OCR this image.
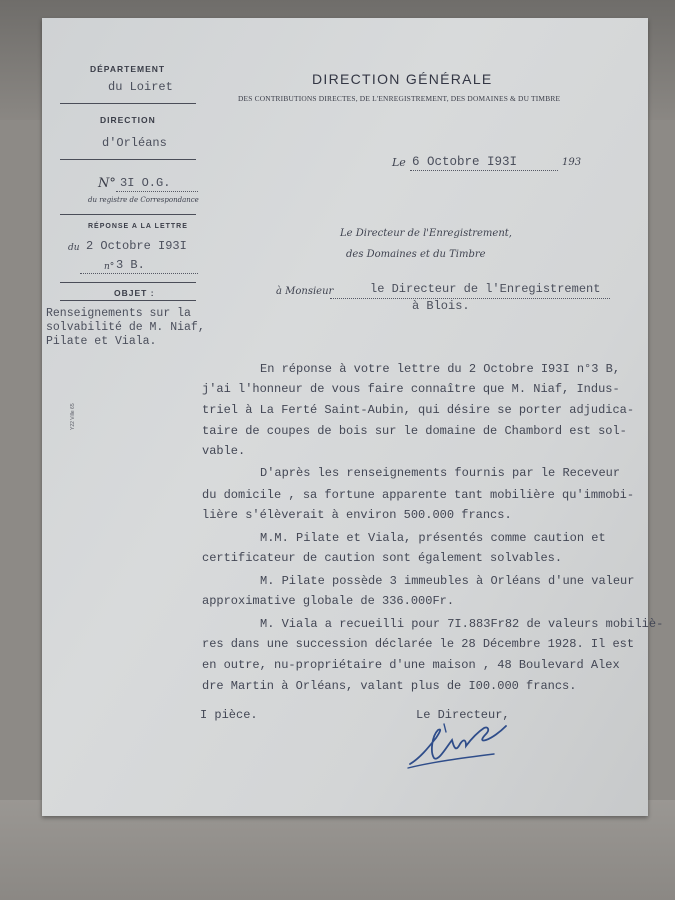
DÉPARTEMENT
du Loiret
DIRECTION
d'Orléans
N° 3I O.G.
du registre de Correspondance
RÉPONSE A LA LETTRE
du 2 Octobre I93I
n° 3 B.
OBJET :
Renseignements sur la
solvabilité de M. Niaf,
Pilate et Viala.
Y22 Ville 65
DIRECTION GÉNÉRALE
DES CONTRIBUTIONS DIRECTES, DE L'ENREGISTREMENT, DES DOMAINES & DU TIMBRE
Le 6 Octobre I93I	193
Le Directeur de l'Enregistrement,
des Domaines et du Timbre
à Monsieur	le Directeur de l'Enregistrement
à Blois.
En réponse à votre lettre du 2 Octobre I93I n°3 B,
j'ai l'honneur de vous faire connaître que M. Niaf, Indus-
triel à La Ferté Saint-Aubin, qui désire se porter adjudica-
taire de coupes de bois sur le domaine de Chambord est sol-
vable.
D'après les renseignements fournis par le Receveur
du domicile , sa fortune apparente tant mobilière qu'immobi-
lière s'élèverait à environ 500.000 francs.
M.M. Pilate et Viala, présentés comme caution et
certificateur de caution sont également solvables.
M. Pilate possède 3 immeubles à Orléans d'une valeur
approximative globale de 336.000Fr.
M. Viala a recueilli pour 7I.883Fr82 de valeurs mobiliè-
res dans une succession déclarée le 28 Décembre 1928. Il est
en outre, nu-propriétaire d'une maison , 48 Boulevard Alex
dre Martin à Orléans, valant plus de I00.000 francs.
I pièce.	Le Directeur,
